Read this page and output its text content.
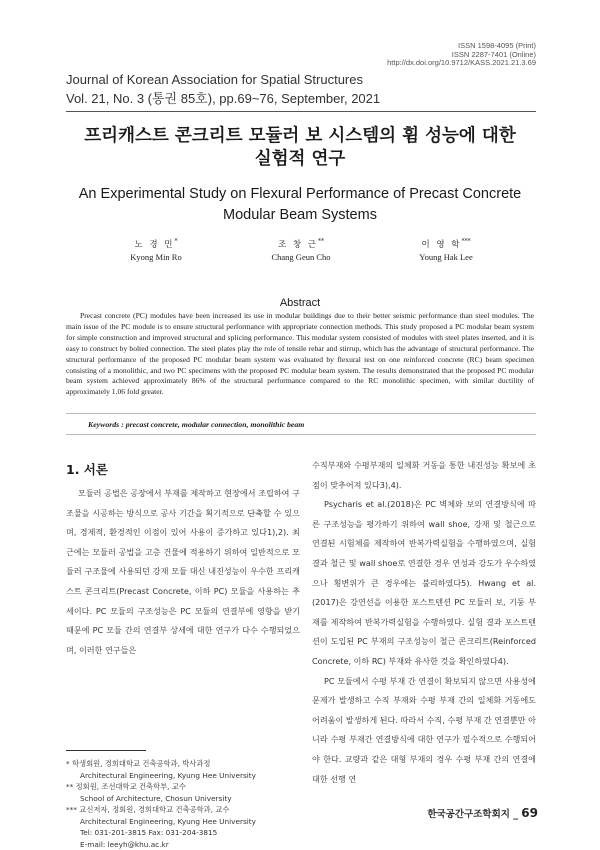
ISSN 1598-4095 (Print)
ISSN 2287-7401 (Online)
http://dx.doi.org/10.9712/KASS.2021.21.3.69
Journal of Korean Association for Spatial Structures
Vol. 21, No. 3 (통권 85호), pp.69~76, September, 2021
프리캐스트 콘크리트 모듈러 보 시스템의 휨 성능에 대한
실험적 연구
An Experimental Study on Flexural Performance of Precast Concrete
Modular Beam Systems
노 경 민*
Kyong Min Ro
조 창 근**
Chang Geun Cho
이 영 학***
Young Hak Lee
Abstract
Precast concrete (PC) modules have been increased its use in modular buildings due to their better seismic performance than steel modules. The main issue of the PC module is to ensure structural performance with appropriate connection methods. This study proposed a PC modular beam system for simple construction and improved structural and splicing performance. This modular system consisted of modules with steel plates inserted, and it is easy to construct by bolted connection. The steel plates play the role of tensile rebar and stirrup, which has the advantage of structural performance. The structural performance of the proposed PC modular beam system was evaluated by flexural test on one reinforced concrete (RC) beam specimen consisting of a monolithic, and two PC specimens with the proposed PC modular beam system. The results demonstrated that the proposed PC modular beam system achieved approximately 86% of the structural performance compared to the RC monolithic specimen, with similar ductility of approximately 1.06 fold greater.
Keywords : precast concrete, modular connection, monolithic beam
1. 서론

모듈러 공법은 공장에서 부재를 제작하고 현장에서 조립하여 구조물을 시공하는 방식으로 공사 기간을 획기적으로 단축할 수 있으며, 경제적, 환경적인 이점이 있어 사용이 증가하고 있다1),2). 최근에는 모듈러 공법을 고층 건물에 적용하기 위하여 일반적으로 모듈러 구조물에 사용되던 강재 모듈 대신 내진성능이 우수한 프리캐스트 콘크리트(Precast Concrete, 이하 PC) 모듈을 사용하는 추세이다. PC 모듈의 구조성능은 PC 모듈의 연결부에 영향을 받기 때문에 PC 모듈 간의 연결부 상세에 대한 연구가 다수 수행되었으며, 이러한 연구들은

* 학생회원, 경희대학교 건축공학과, 박사과정
Architectural Engineering, Kyung Hee University
** 정회원, 조선대학교 건축학부, 교수
School of Architecture, Chosun University
*** 교신저자, 정회원, 경희대학교 건축공학과, 교수
Architectural Engineering, Kyung Hee University
Tel: 031-201-3815 Fax: 031-204-3815
E-mail: leeyh@khu.ac.kr

수직부재와 수평부재의 일체화 거동을 통한 내진성능 확보에 초점이 맞추어져 있다3),4).

Psycharis et al.(2018)은 PC 벽체와 보의 연결방식에 따른 구조성능을 평가하기 위하여 wall shoe, 강재 및 철근으로 연결된 시험체를 제작하여 반복가력실험을 수행하였으며, 실험 결과 철근 및 wall shoe로 연결한 경우 연성과 강도가 우수하였으나 횡변위가 큰 경우에는 불리하였다5). Hwang et al.(2017)은 강연선을 이용한 포스트텐션 PC 모듈러 보, 기둥 부재를 제작하여 반복가력실험을 수행하였다. 실험 결과 포스트텐션이 도입된 PC 부재의 구조성능이 철근 콘크리트(Reinforced Concrete, 이하 RC) 부재와 유사한 것을 확인하였다4).

PC 모듈에서 수평 부재 간 연결이 확보되지 않으면 사용성에 문제가 발생하고 수직 부재와 수평 부재 간의 일체화 거동에도 어려움이 발생하게 된다. 따라서 수직, 수평 부재 간 연결뿐만 아니라 수평 부재간 연결방식에 대한 연구가 필수적으로 수행되어야 한다. 교량과 같은 대형 부재의 경우 수평 부재 간의 연결에 대한 선행 연

한국공간구조학회지 _ 69
